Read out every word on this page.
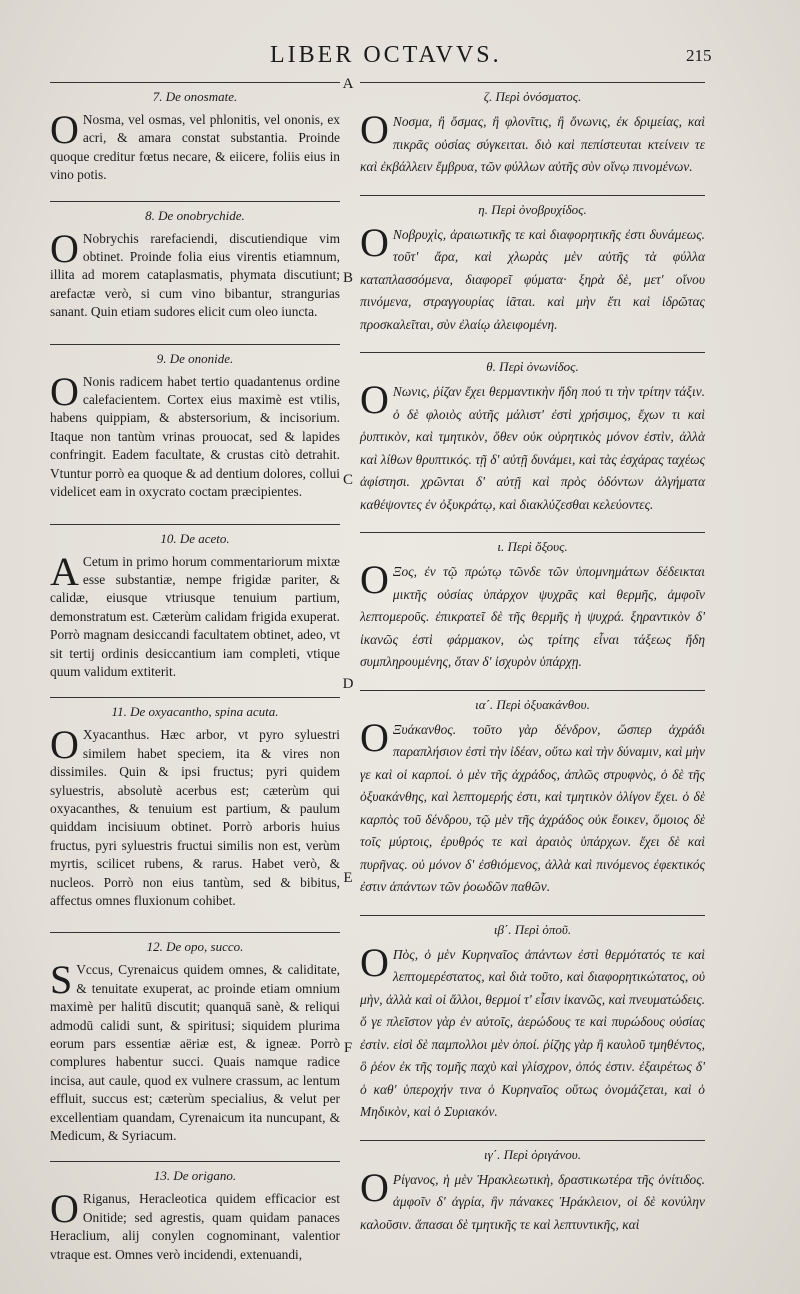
LIBER OCTAVVS.	215
A
B
C
D
E
F
7. De onosmate.

O Nosma, vel osmas, vel phlonitis, vel ononis, ex acri, & amara constat substantia. Proinde quoque creditur fœtus necare, & eiicere, foliis eius in vino potis.

8. De onobrychide.

O Nobrychis rarefaciendi, discutiendique vim obtinet. Proinde folia eius virentis etiamnum, illita ad morem cataplasmatis, phymata discutiunt; arefactæ verò, si cum vino bibantur, strangurias sanant. Quin etiam sudores elicit cum oleo iuncta.

9. De ononide.

O Nonis radicem habet tertio quadantenus ordine calefacientem. Cortex eius maximè est vtilis, habens quippiam, & abstersorium, & incisorium. Itaque non tantùm vrinas prouocat, sed & lapides confringit. Eadem facultate, & crustas citò detrahit. Vtuntur porrò ea quoque & ad dentium dolores, collui videlicet eam in oxycrato coctam præcipientes.

10. De aceto.

A Cetum in primo horum commentariorum mixtæ esse substantiæ, nempe frigidæ pariter, & calidæ, eiusque vtriusque tenuium partium, demonstratum est. Cæterùm calidam frigida exuperat. Porrò magnam desiccandi facultatem obtinet, adeo, vt sit tertij ordinis desiccantium iam completi, vtique quum validum extiterit.

11. De oxyacantho, spina acuta.

O Xyacanthus. Hæc arbor, vt pyro syluestri similem habet speciem, ita & vires non dissimiles. Quin & ipsi fructus; pyri quidem syluestris, absolutè acerbus est; cæterùm qui oxyacanthes, & tenuium est partium, & paulum quiddam incisiuum obtinet. Porrò arboris huius fructus, pyri syluestris fructui similis non est, verùm myrtis, scilicet rubens, & rarus. Habet verò, & nucleos. Porrò non eius tantùm, sed & bibitus, affectus omnes fluxionum cohibet.

12. De opo, succo.

S Vccus, Cyrenaicus quidem omnes, & caliditate, & tenuitate exuperat, ac proinde etiam omnium maximè per halitū discutit; quanquā sanè, & reliqui admodū calidi sunt, & spiritusi; siquidem plurima eorum pars essentiæ aëriæ est, & igneæ. Porrò complures habentur succi. Quais namque radice incisa, aut caule, quod ex vulnere crassum, ac lentum effluit, succus est; cæterùm specialius, & velut per excellentiam quandam, Cyrenaicum ita nuncupant, & Medicum, & Syriacum.

13. De origano.

O Riganus, Heracleotica quidem efficacior est Onitide; sed agrestis, quam quidam panaces Heraclium, alij conylen cognominant, valentior vtraque est. Omnes verò incidendi, extenuandi,

ζ. Περὶ ὀνόσματος.

Ο Νοσμα, ἢ ὄσμας, ἢ φλονῖτις, ἢ ὄνωνις, ἐκ δριμείας, καὶ πικρᾶς οὐσίας σύγκειται. διὸ καὶ πεπίστευται κτείνειν τε καὶ ἐκβάλλειν ἔμβρυα, τῶν φύλλων αὐτῆς σὺν οἴνῳ πινομένων.

η. Περὶ ὀνοβρυχίδος.

Ο Νοβρυχὶς, ἀραιωτικῆς τε καὶ διαφορητικῆς ἐστι δυνάμεως. τοῦτ' ἄρα, καὶ χλωρὰς μὲν αὐτῆς τὰ φύλλα καταπλασσόμενα, διαφορεῖ φύματα· ξηρὰ δὲ, μετ' οἴνου πινόμενα, στραγγουρίας ἰᾶται. καὶ μὴν ἔτι καὶ ἱδρῶτας προσκαλεῖται, σὺν ἐλαίῳ ἀλειφομένη.

θ. Περὶ ὀνωνίδος.

Ο Νωνις, ῥίζαν ἔχει θερμαντικὴν ἤδη πού τι τὴν τρίτην τάξιν. ὁ δὲ φλοιὸς αὐτῆς μάλιστ' ἐστὶ χρήσιμος, ἔχων τι καὶ ῥυπτικὸν, καὶ τμητικὸν, ὅθεν οὐκ οὐρητικὸς μόνον ἐστὶν, ἀλλὰ καὶ λίθων θρυπτικός. τῇ δ' αὐτῇ δυνάμει, καὶ τὰς ἐσχάρας ταχέως ἀφίστησι. χρῶνται δ' αὐτῇ καὶ πρὸς ὀδόντων ἀλγήματα καθέψοντες ἐν ὀξυκράτῳ, καὶ διακλύζεσθαι κελεύοντες.

ι. Περὶ ὄξους.

Ο Ξος, ἐν τῷ πρώτῳ τῶνδε τῶν ὑπομνημάτων δέδεικται μικτῆς οὐσίας ὑπάρχον ψυχρᾶς καὶ θερμῆς, ἀμφοῖν λεπτομεροῦς. ἐπικρατεῖ δὲ τῆς θερμῆς ἡ ψυχρά. ξηραντικὸν δ' ἱκανῶς ἐστὶ φάρμακον, ὡς τρίτης εἶναι τάξεως ἤδη συμπληρουμένης, ὅταν δ' ἰσχυρὸν ὑπάρχῃ.

ια΄. Περὶ ὀξυακάνθου.

Ο Ξυάκανθος. τοῦτο γὰρ δένδρον, ὥσπερ ἀχράδι παραπλήσιον ἐστὶ τὴν ἰδέαν, οὕτω καὶ τὴν δύναμιν, καὶ μὴν γε καὶ οἱ καρποί. ὁ μὲν τῆς ἀχράδος, ἁπλῶς στρυφνὸς, ὁ δὲ τῆς ὀξυακάνθης, καὶ λεπτομερής ἐστι, καὶ τμητικὸν ὀλίγον ἔχει. ὁ δὲ καρπὸς τοῦ δένδρου, τῷ μὲν τῆς ἀχράδος οὐκ ἔοικεν, ὅμοιος δὲ τοῖς μύρτοις, ἐρυθρός τε καὶ ἀραιὸς ὑπάρχων. ἔχει δὲ καὶ πυρῆνας. οὐ μόνον δ' ἐσθιόμενος, ἀλλὰ καὶ πινόμενος ἐφεκτικός ἐστιν ἁπάντων τῶν ῥοωδῶν παθῶν.

ιβ΄. Περὶ ὀποῦ.

Ο Πὸς, ὁ μὲν Κυρηναῖος ἁπάντων ἐστὶ θερμότατός τε καὶ λεπτομερέστατος, καὶ διὰ τοῦτο, καὶ διαφορητικώτατος, οὐ μὴν, ἀλλὰ καὶ οἱ ἄλλοι, θερμοί τ' εἶσιν ἱκανῶς, καὶ πνευματώδεις. ὅ γε πλεῖστον γὰρ ἐν αὐτοῖς, ἀερώδους τε καὶ πυρώδους οὐσίας ἐστὶν. εἰσὶ δὲ παμπολλοι μὲν ὀποί. ῥίζης γὰρ ἢ καυλοῦ τμηθέντος, ὃ ῥέον ἐκ τῆς τομῆς παχὺ καὶ γλίσχρον, ὀπός ἐστιν. ἐξαιρέτως δ' ὁ καθ' ὑπεροχήν τινα ὁ Κυρηναῖος οὕτως ὀνομάζεται, καὶ ὁ Μηδικὸν, καὶ ὁ Συριακόν.

ιγ΄. Περὶ ὀριγάνου.

Ο Ρίγανος, ἡ μὲν Ἡρακλεωτικὴ, δραστικωτέρα τῆς ὀνίτιδος. ἀμφοῖν δ' ἀγρία, ἣν πάνακες Ἡράκλειον, οἱ δὲ κονύλην καλοῦσιν. ἅπασαι δὲ τμητικῆς τε καὶ λεπτυντικῆς, καὶ
